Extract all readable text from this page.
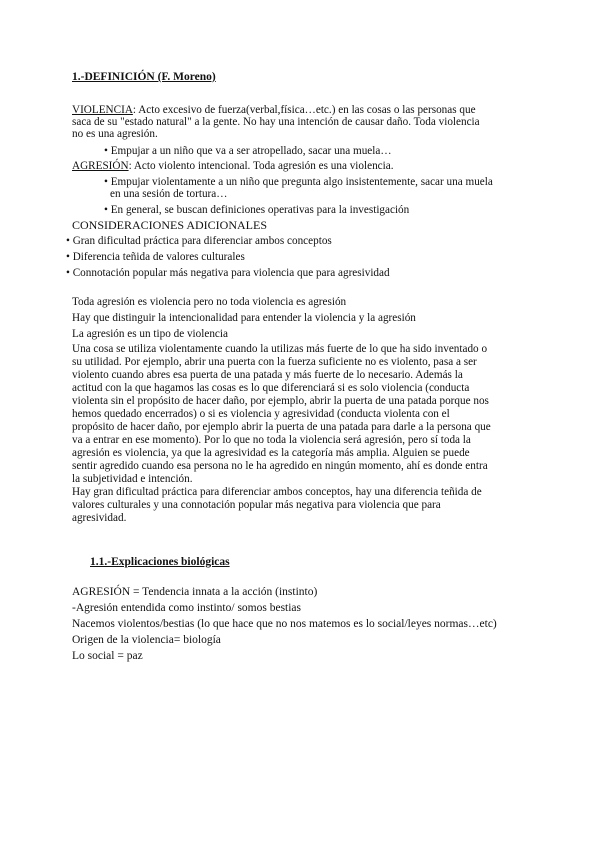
1.-DEFINICIÓN (F. Moreno)
VIOLENCIA: Acto excesivo de fuerza(verbal,física…etc.) en las cosas o las personas que
saca de su "estado natural" a la gente. No hay una intención de causar daño. Toda violencia
no es una agresión.
• Empujar a un niño que va a ser atropellado, sacar una muela…
AGRESIÓN: Acto violento intencional. Toda agresión es una violencia.
• Empujar violentamente a un niño que pregunta algo insistentemente, sacar una muela
en una sesión de tortura…
• En general, se buscan definiciones operativas para la investigación
CONSIDERACIONES ADICIONALES
• Gran dificultad práctica para diferenciar ambos conceptos
• Diferencia teñida de valores culturales
• Connotación popular más negativa para violencia que para agresividad
Toda agresión es violencia pero no toda violencia es agresión
Hay que distinguir la intencionalidad para entender la violencia y la agresión
La agresión es un tipo de violencia

Una cosa se utiliza violentamente cuando la utilizas más fuerte de lo que ha sido inventado o

su utilidad. Por ejemplo, abrir una puerta con la fuerza suficiente no es violento, pasa a ser

violento cuando abres esa puerta de una patada y más fuerte de lo necesario. Además la

actitud con la que hagamos las cosas es lo que diferenciará si es solo violencia (conducta

violenta sin el propósito de hacer daño, por ejemplo, abrir la puerta de una patada porque nos

hemos quedado encerrados) o si es violencia y agresividad (conducta violenta con el

propósito de hacer daño, por ejemplo abrir la puerta de una patada para darle a la persona que

va a entrar en ese momento). Por lo que no toda la violencia será agresión, pero sí toda la

agresión es violencia, ya que la agresividad es la categoría más amplia. Alguien se puede

sentir agredido cuando esa persona no le ha agredido en ningún momento, ahí es donde entra

la subjetividad e intención.

Hay gran dificultad práctica para diferenciar ambos conceptos, hay una diferencia teñida de

valores culturales y una connotación popular más negativa para violencia que para

agresividad.

1.1.-Explicaciones biológicas
AGRESIÓN = Tendencia innata a la acción (instinto)
-Agresión entendida como instinto/ somos bestias
Nacemos violentos/bestias (lo que hace que no nos matemos es lo social/leyes normas…etc)
Origen de la violencia= biología
Lo social = paz
